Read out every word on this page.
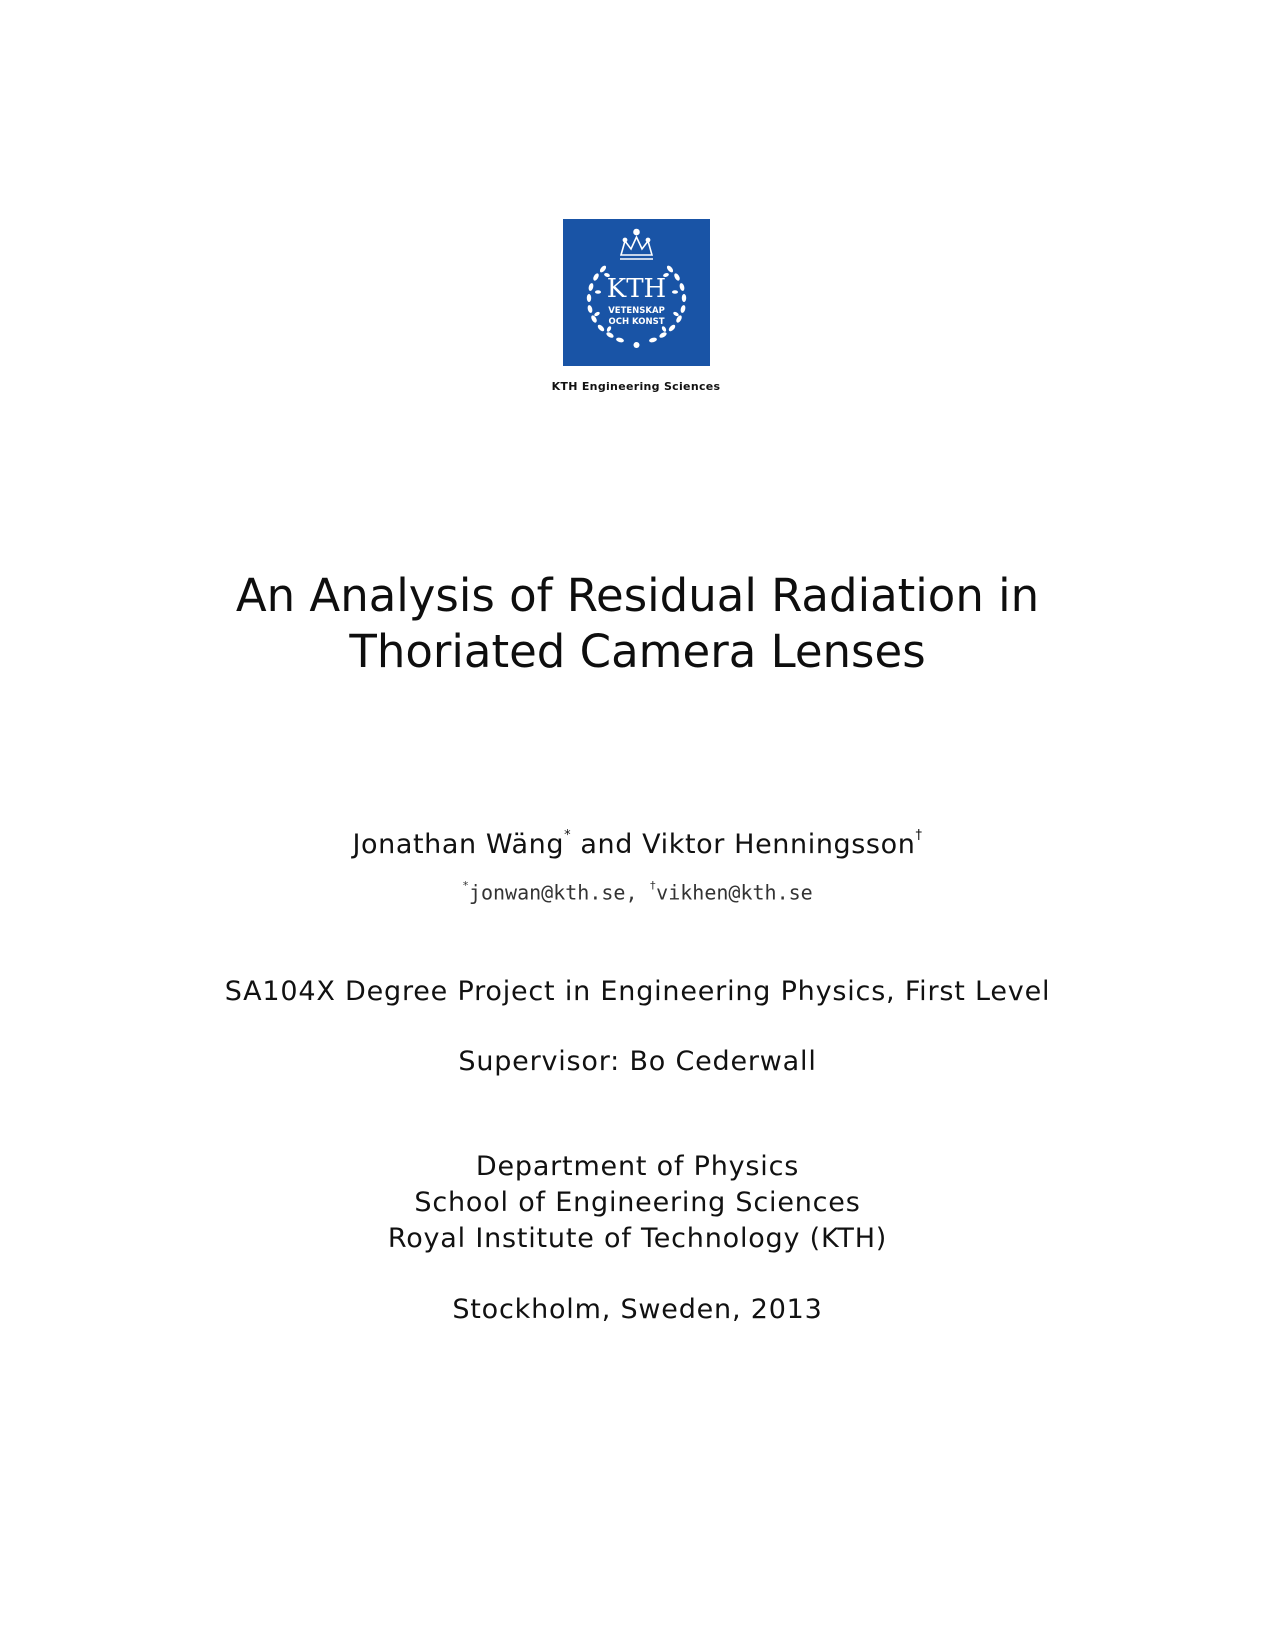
KTH
VETENSKAP
OCH KONST
KTH Engineering Sciences
An Analysis of Residual Radiation in
Thoriated Camera Lenses
Jonathan Wäng* and Viktor Henningsson†
*jonwan@kth.se, †vikhen@kth.se
SA104X Degree Project in Engineering Physics, First Level
Supervisor: Bo Cederwall
Department of Physics
School of Engineering Sciences
Royal Institute of Technology (KTH)
Stockholm, Sweden, 2013
